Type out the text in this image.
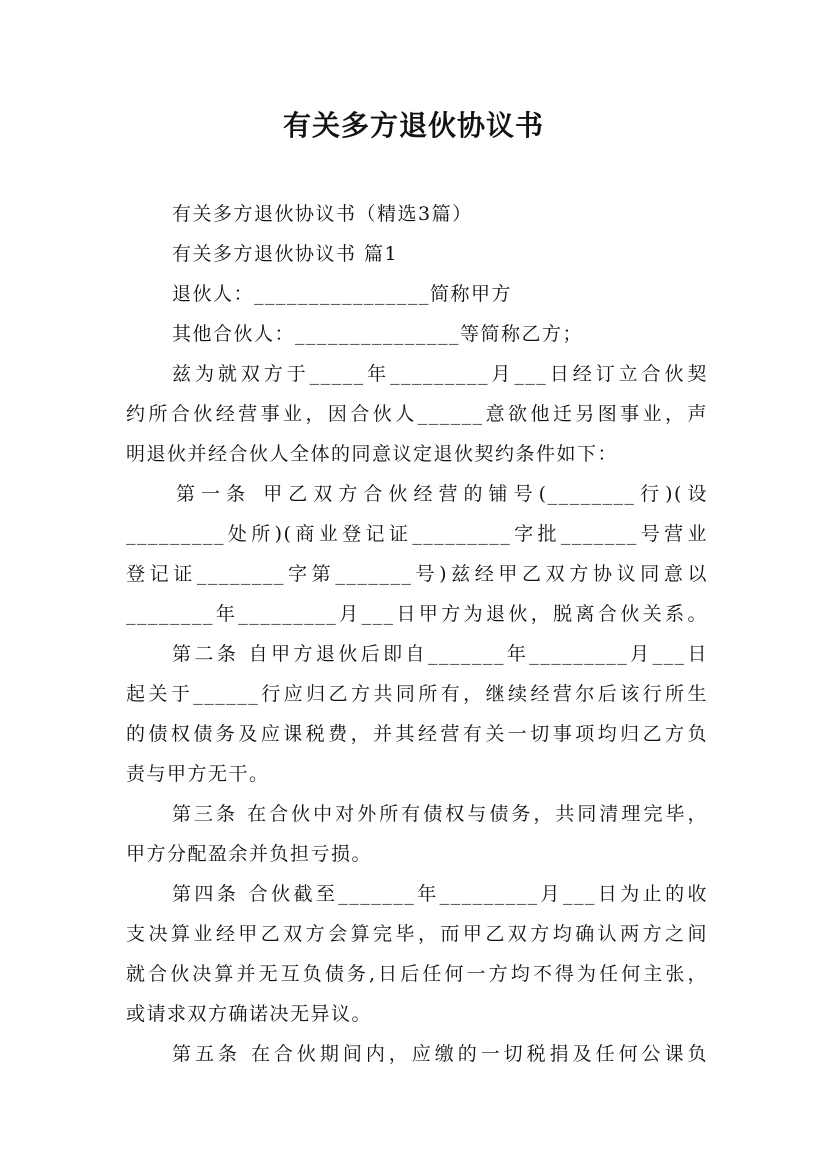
有关多方退伙协议书

有关多方退伙协议书（精选3篇）

有关多方退伙协议书 篇1

退伙人：________________简称甲方

其他合伙人：_______________等简称乙方；

兹为就双方于_____年_________月___日经订立合伙契

约所合伙经营事业，因合伙人______意欲他迁另图事业，声

明退伙并经合伙人全体的同意议定退伙契约条件如下：

第一条 甲乙双方合伙经营的铺号(________行)(设

_________处所)(商业登记证_________字批_______号营业

登记证________字第_______号)兹经甲乙双方协议同意以

________年_________月___日甲方为退伙，脱离合伙关系。

第二条 自甲方退伙后即自_______年_________月___日

起关于______行应归乙方共同所有，继续经营尔后该行所生

的债权债务及应课税费，并其经营有关一切事项均归乙方负

责与甲方无干。

第三条 在合伙中对外所有债权与债务，共同清理完毕，

甲方分配盈余并负担亏损。

第四条 合伙截至_______年_________月___日为止的收

支决算业经甲乙双方会算完毕，而甲乙双方均确认两方之间

就合伙决算并无互负债务,日后任何一方均不得为任何主张，

或请求双方确诺决无异议。

第五条 在合伙期间内，应缴的一切税捐及任何公课负
